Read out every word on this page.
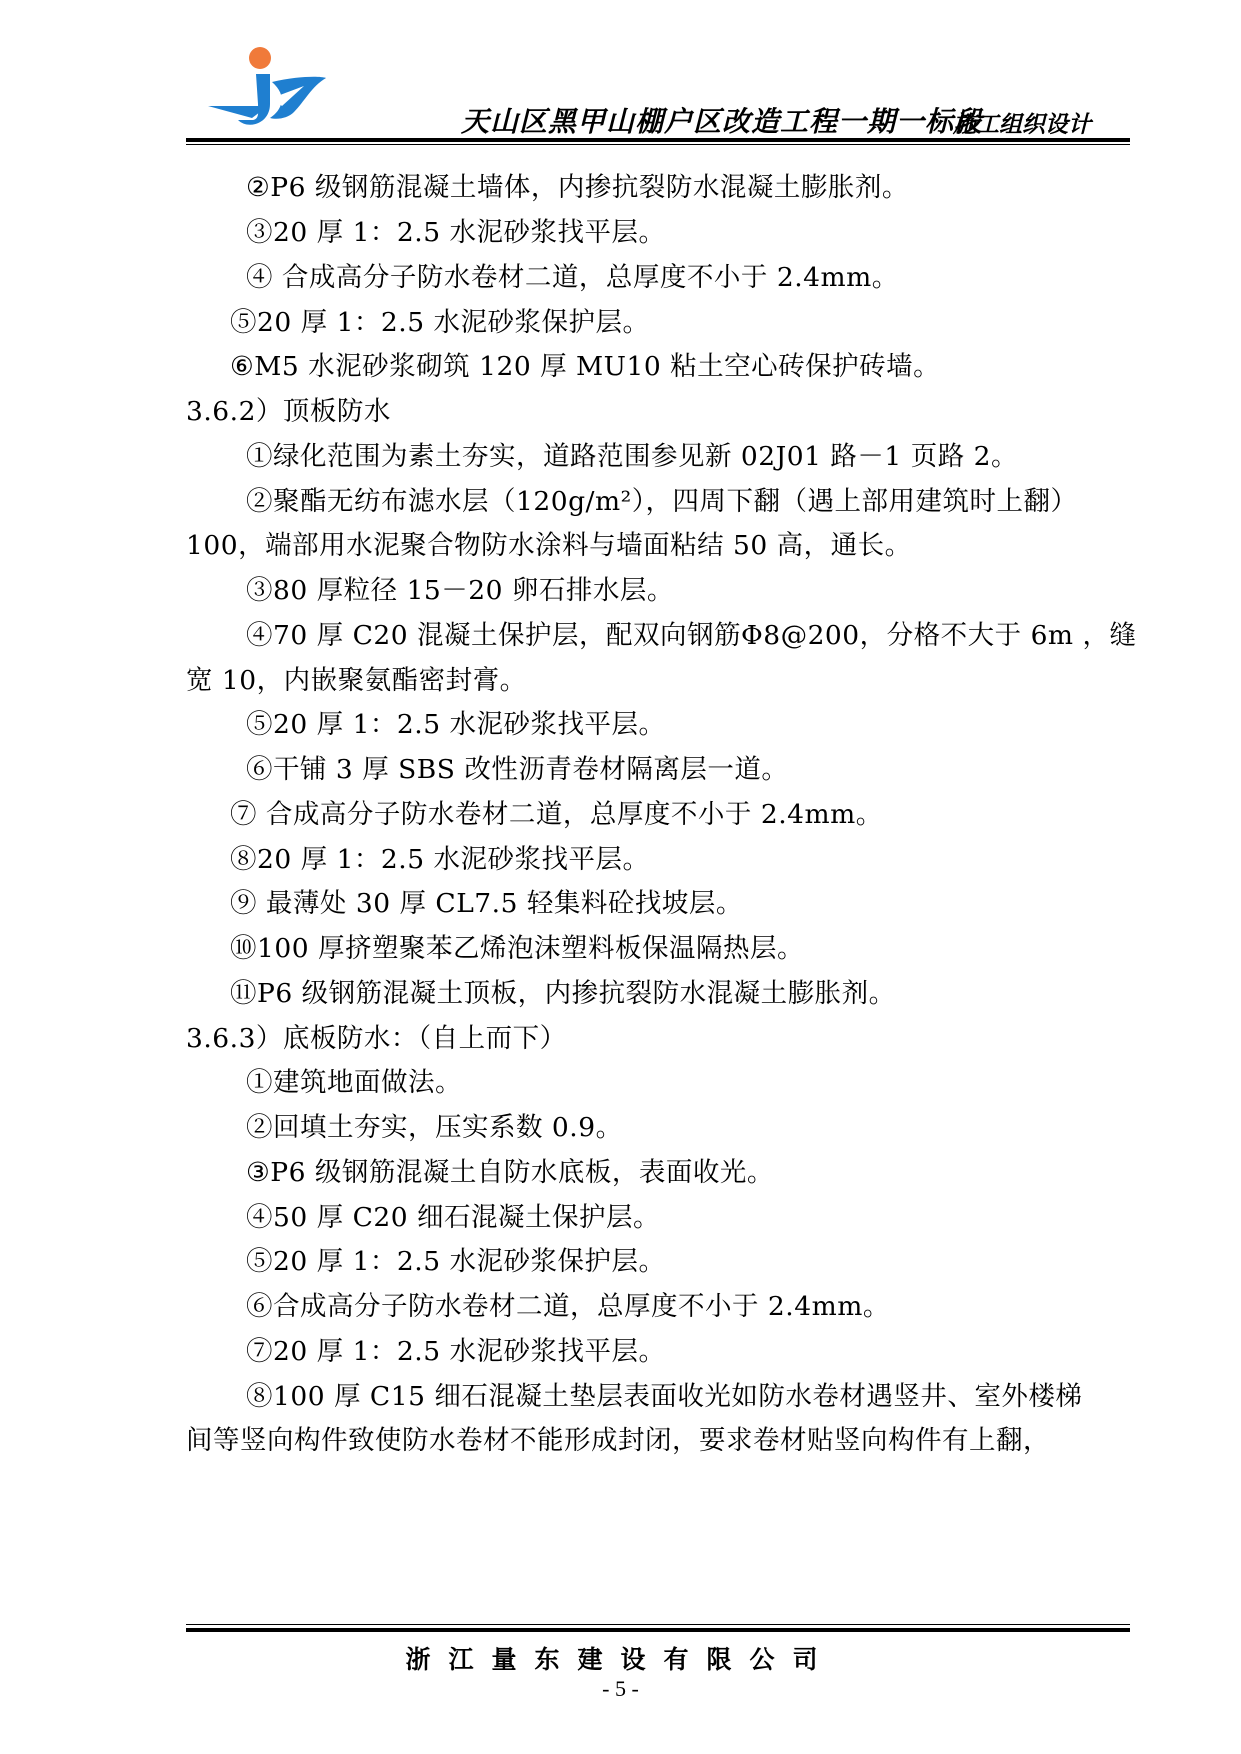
天山区黑甲山棚户区改造工程一期一标段
施工组织设计
②P6 级钢筋混凝土墙体，内掺抗裂防水混凝土膨胀剂。
③20 厚 1：2.5 水泥砂浆找平层。
④ 合成高分子防水卷材二道，总厚度不小于 2.4mm。
⑤20 厚 1：2.5 水泥砂浆保护层。
⑥M5 水泥砂浆砌筑 120 厚 MU10 粘土空心砖保护砖墙。
3.6.2）顶板防水
①绿化范围为素土夯实，道路范围参见新 02J01 路－1 页路 2。
②聚酯无纺布滤水层（120g/m²），四周下翻（遇上部用建筑时上翻）
100，端部用水泥聚合物防水涂料与墙面粘结 50 高，通长。
③80 厚粒径 15－20 卵石排水层。
④70 厚 C20 混凝土保护层，配双向钢筋Φ8@200，分格不大于 6m ，缝
宽 10，内嵌聚氨酯密封膏。
⑤20 厚 1：2.5 水泥砂浆找平层。
⑥干铺 3 厚 SBS 改性沥青卷材隔离层一道。
⑦ 合成高分子防水卷材二道，总厚度不小于 2.4mm。
⑧20 厚 1：2.5 水泥砂浆找平层。
⑨ 最薄处 30 厚 CL7.5 轻集料砼找坡层。
⑩100 厚挤塑聚苯乙烯泡沫塑料板保温隔热层。
⑪P6 级钢筋混凝土顶板，内掺抗裂防水混凝土膨胀剂。
3.6.3）底板防水：（自上而下）
①建筑地面做法。
②回填土夯实，压实系数 0.9。
③P6 级钢筋混凝土自防水底板，表面收光。
④50 厚 C20 细石混凝土保护层。
⑤20 厚 1：2.5 水泥砂浆保护层。
⑥合成高分子防水卷材二道，总厚度不小于 2.4mm。
⑦20 厚 1：2.5 水泥砂浆找平层。
⑧100 厚 C15 细石混凝土垫层表面收光如防水卷材遇竖井、室外楼梯
间等竖向构件致使防水卷材不能形成封闭，要求卷材贴竖向构件有上翻，
浙江量东建设有限公司
- 5 -
